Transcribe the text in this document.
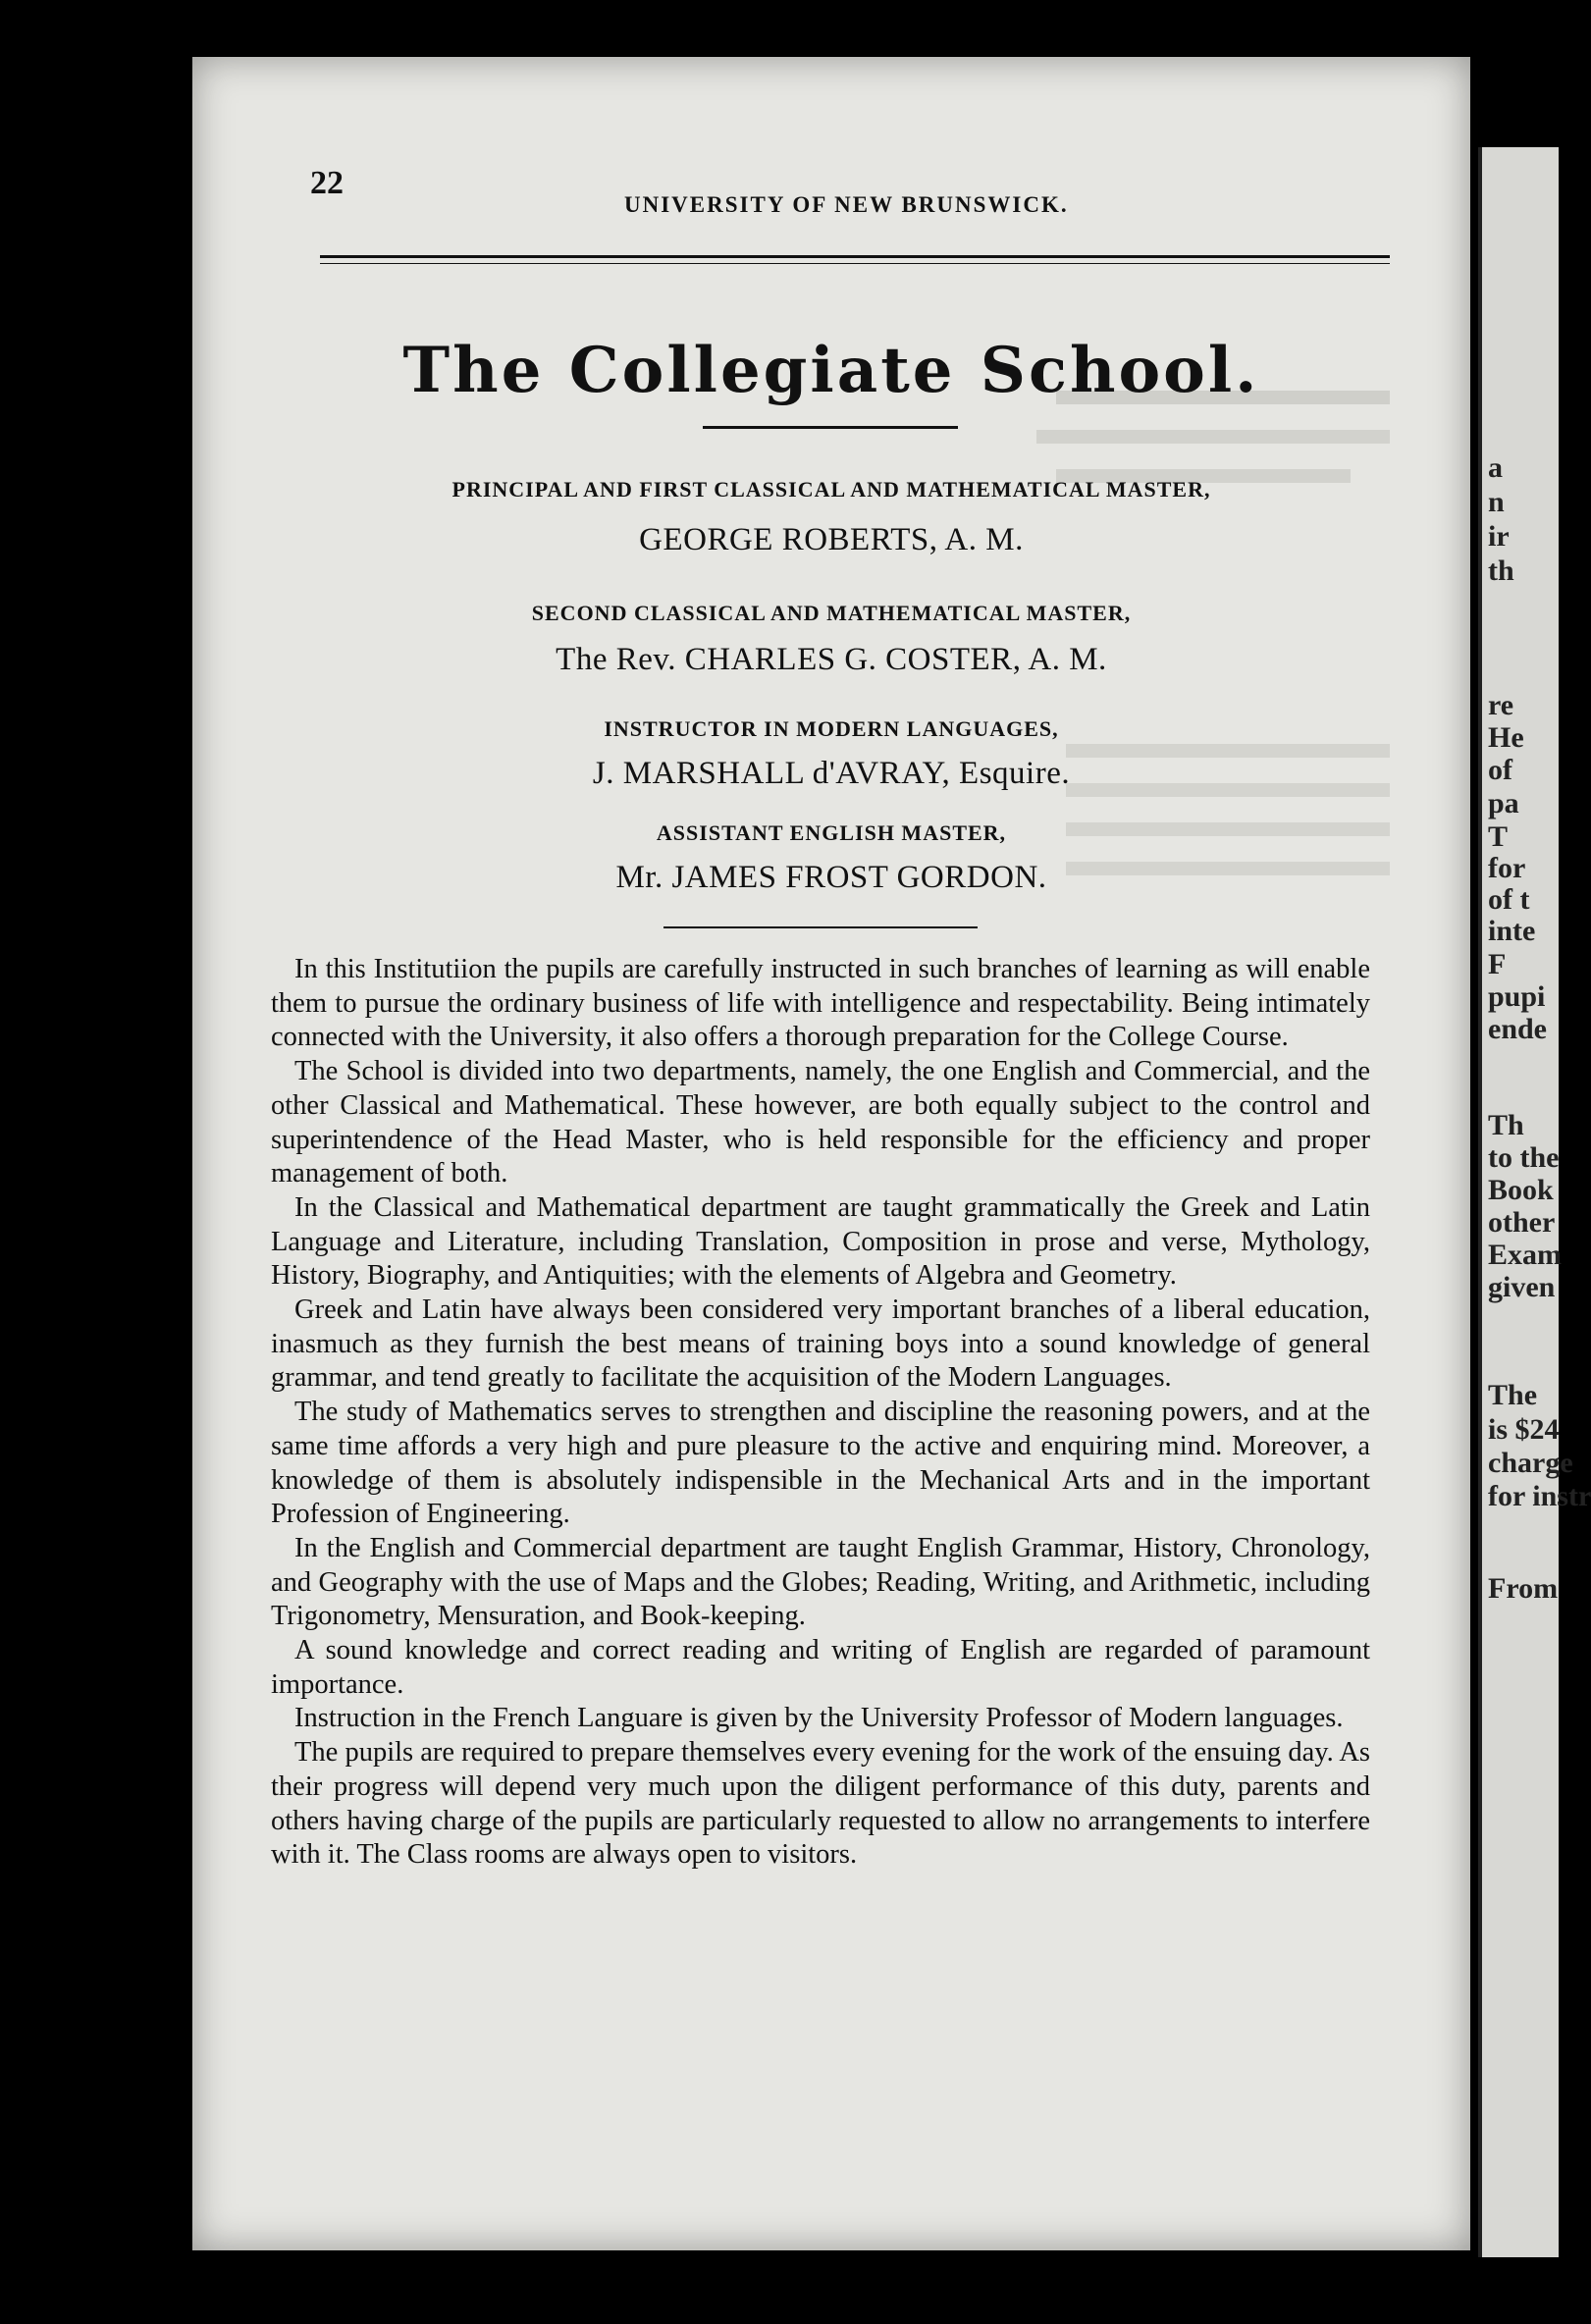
22
UNIVERSITY OF NEW BRUNSWICK.
The Collegiate School.
PRINCIPAL AND FIRST CLASSICAL AND MATHEMATICAL MASTER,
GEORGE ROBERTS, A. M.
SECOND CLASSICAL AND MATHEMATICAL MASTER,
The Rev. CHARLES G. COSTER, A. M.
INSTRUCTOR IN MODERN LANGUAGES,
J. MARSHALL d'AVRAY, Esquire.
ASSISTANT ENGLISH MASTER,
Mr. JAMES FROST GORDON.

In this Institutiion the pupils are carefully instructed in such branches of learning as will enable them to pursue the ordinary business of life with intelligence and respectability. Being intimately connected with the University, it also offers a thorough preparation for the College Course.

The School is divided into two departments, namely, the one English and Commercial, and the other Classical and Mathematical. These however, are both equally subject to the control and superintendence of the Head Master, who is held responsible for the efficiency and proper management of both.

In the Classical and Mathematical department are taught grammatically the Greek and Latin Language and Literature, including Translation, Composition in prose and verse, Mythology, History, Biography, and Antiquities; with the elements of Algebra and Geometry.

Greek and Latin have always been considered very important branches of a liberal education, inasmuch as they furnish the best means of training boys into a sound knowledge of general grammar, and tend greatly to facilitate the acquisition of the Modern Languages.

The study of Mathematics serves to strengthen and discipline the reasoning powers, and at the same time affords a very high and pure pleasure to the active and enquiring mind. Moreover, a knowledge of them is absolutely indispensible in the Mechanical Arts and in the important Profession of Engineering.

In the English and Commercial department are taught English Grammar, History, Chronology, and Geography with the use of Maps and the Globes; Reading, Writing, and Arithmetic, including Trigonometry, Mensuration, and Book-keeping.

A sound knowledge and correct reading and writing of English are regarded of paramount importance.

Instruction in the French Languare is given by the University Professor of Modern languages.

The pupils are required to prepare themselves every evening for the work of the ensuing day. As their progress will depend very much upon the diligent performance of this duty, parents and others having charge of the pupils are particularly requested to allow no arrangements to interfere with it. The Class rooms are always open to visitors.

a
n
ir
th
re
He
of
pa
T
for
of t
inte
F
pupi
ende
Th
to the
Book
other
Exam
given
The
is $24
charge
for instr
From
